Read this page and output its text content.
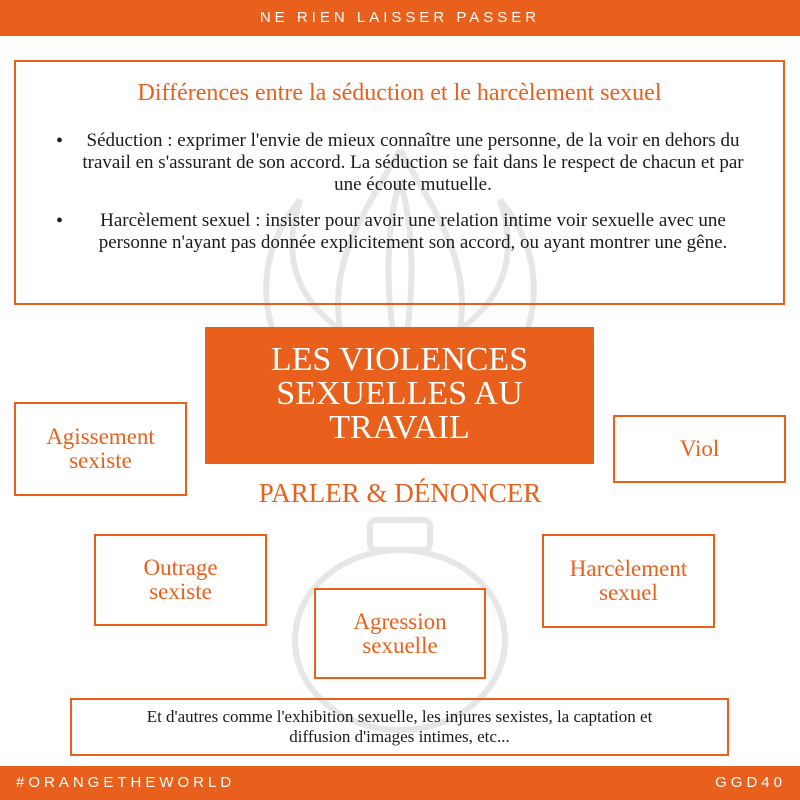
NE RIEN LAISSER PASSER
Différences entre la séduction et le harcèlement sexuel
• Séduction : exprimer l'envie de mieux connaître une personne, de la voir en dehors du travail en s'assurant de son accord. La séduction se fait dans le respect de chacun et par une écoute mutuelle.
• Harcèlement sexuel : insister pour avoir une relation intime voir sexuelle avec une personne n'ayant pas donnée explicitement son accord, ou ayant montrer une gêne.
LES VIOLENCES
SEXUELLES AU
TRAVAIL
PARLER & DÉNONCER
Agissement
sexiste	Viol
Outrage
sexiste
Agression
sexuelle
Harcèlement
sexuel
Et d'autres comme l'exhibition sexuelle, les injures sexistes, la captation et
diffusion d'images intimes, etc...
#ORANGETHEWORLD	GGD40
